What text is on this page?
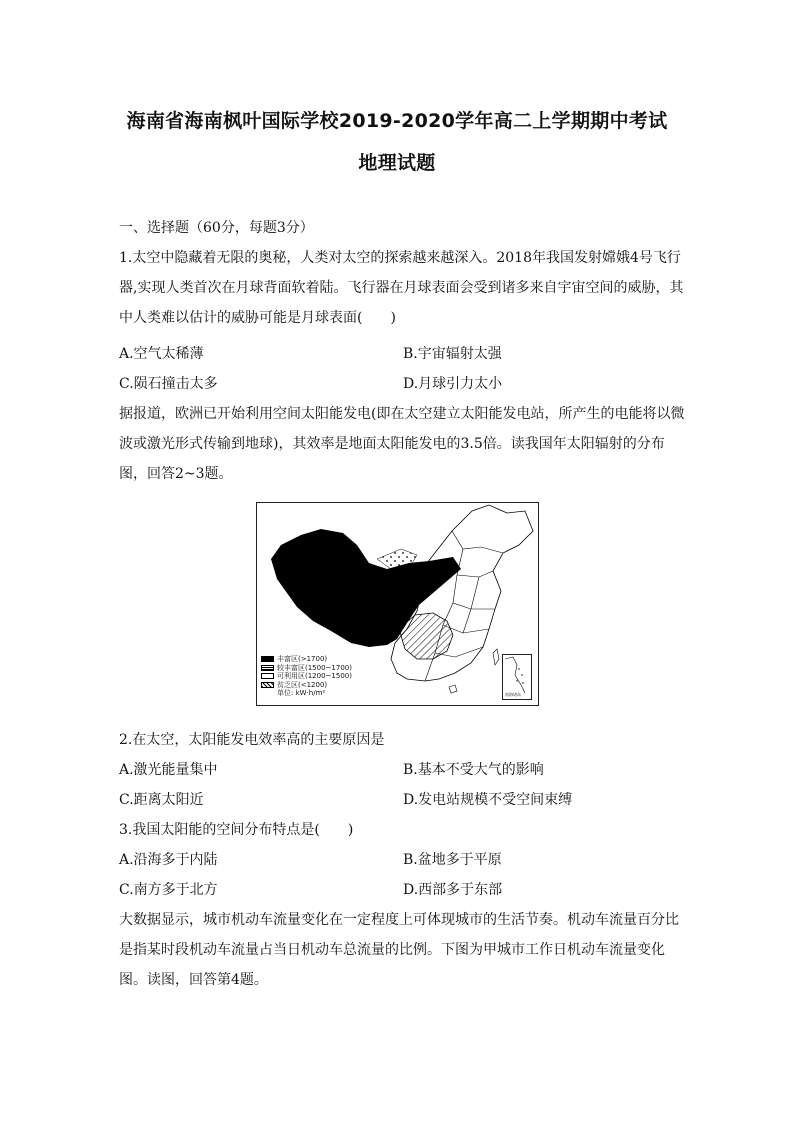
海南省海南枫叶国际学校2019-2020学年高二上学期期中考试
地理试题
一、选择题（60分，每题3分）
1.太空中隐藏着无限的奥秘，人类对太空的探索越来越深入。2018年我国发射嫦娥4号飞行器,实现人类首次在月球背面软着陆。飞行器在月球表面会受到诸多来自宇宙空间的威胁，其中人类难以估计的威胁可能是月球表面(　　)
A.空气太稀薄	B.宇宙辐射太强
C.陨石撞击太多	D.月球引力太小
据报道，欧洲已开始利用空间太阳能发电(即在太空建立太阳能发电站，所产生的电能将以微波或激光形式传输到地球)，其效率是地面太阳能发电的3.5倍。读我国年太阳辐射的分布图，回答2~3题。
丰富区(>1700)
较丰富区(1500~1700)
可利用区(1200~1500)
贫乏区(<1200)
单位: kW·h/m²	南海诸岛
2.在太空，太阳能发电效率高的主要原因是
A.激光能量集中	B.基本不受大气的影响
C.距离太阳近	D.发电站规模不受空间束缚
3.我国太阳能的空间分布特点是(　　)
A.沿海多于内陆	B.盆地多于平原
C.南方多于北方	D.西部多于东部
大数据显示，城市机动车流量变化在一定程度上可体现城市的生活节奏。机动车流量百分比是指某时段机动车流量占当日机动车总流量的比例。下图为甲城市工作日机动车流量变化图。读图，回答第4题。
